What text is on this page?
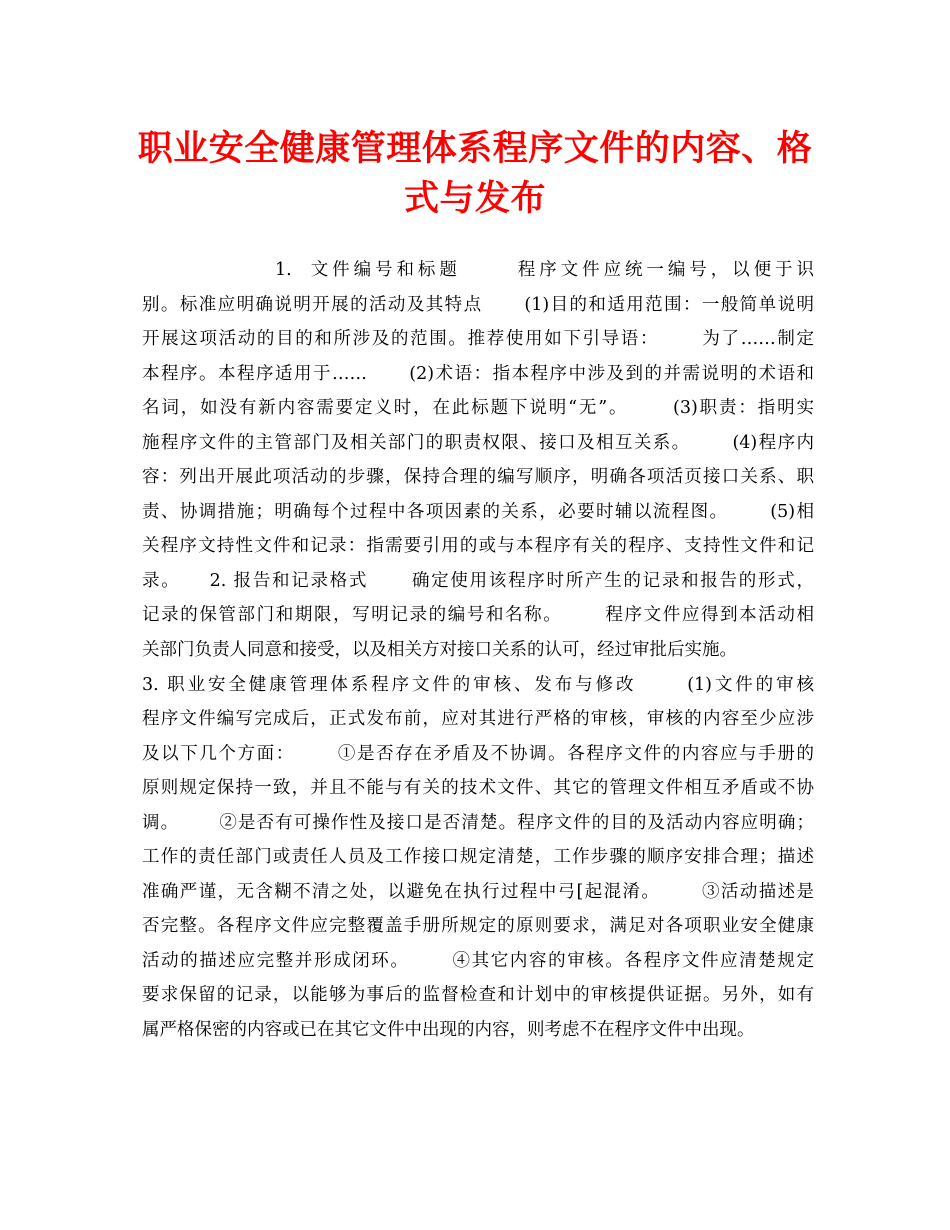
职业安全健康管理体系程序文件的内容、格式与发布
1.  文件编号和标题      程序文件应统一编号，以便于识
别。标准应明确说明开展的活动及其特点      (1)目的和适用范围：一般简单说明
开展这项活动的目的和所涉及的范围。推荐使用如下引导语：      为了……制定
本程序。本程序适用于……      (2)术语：指本程序中涉及到的并需说明的术语和
名词，如没有新内容需要定义时，在此标题下说明“无”。      (3)职责：指明实
施程序文件的主管部门及相关部门的职责权限、接口及相互关系。      (4)程序内
容：列出开展此项活动的步骤，保持合理的编写顺序，明确各项活页接口关系、职
责、协调措施；明确每个过程中各项因素的关系，必要时辅以流程图。      (5)相
关程序文持性文件和记录：指需要引用的或与本程序有关的程序、支持性文件和记
录。    2. 报告和记录格式      确定使用该程序时所产生的记录和报告的形式，
记录的保管部门和期限，写明记录的编号和名称。      程序文件应得到本活动相
关部门负责人同意和接受，以及相关方对接口关系的认可，经过审批后实施。
3. 职业安全健康管理体系程序文件的审核、发布与修改      (1)文件的审核
程序文件编写完成后，正式发布前，应对其进行严格的审核，审核的内容至少应涉
及以下几个方面：      ①是否存在矛盾及不协调。各程序文件的内容应与手册的
原则规定保持一致，并且不能与有关的技术文件、其它的管理文件相互矛盾或不协
调。      ②是否有可操作性及接口是否清楚。程序文件的目的及活动内容应明确；
工作的责任部门或责任人员及工作接口规定清楚，工作步骤的顺序安排合理；描述
准确严谨，无含糊不清之处，以避免在执行过程中弓[起混淆。      ③活动描述是
否完整。各程序文件应完整覆盖手册所规定的原则要求，满足对各项职业安全健康
活动的描述应完整并形成闭环。      ④其它内容的审核。各程序文件应清楚规定
要求保留的记录，以能够为事后的监督检查和计划中的审核提供证据。另外，如有
属严格保密的内容或已在其它文件中出现的内容，则考虑不在程序文件中出现。
